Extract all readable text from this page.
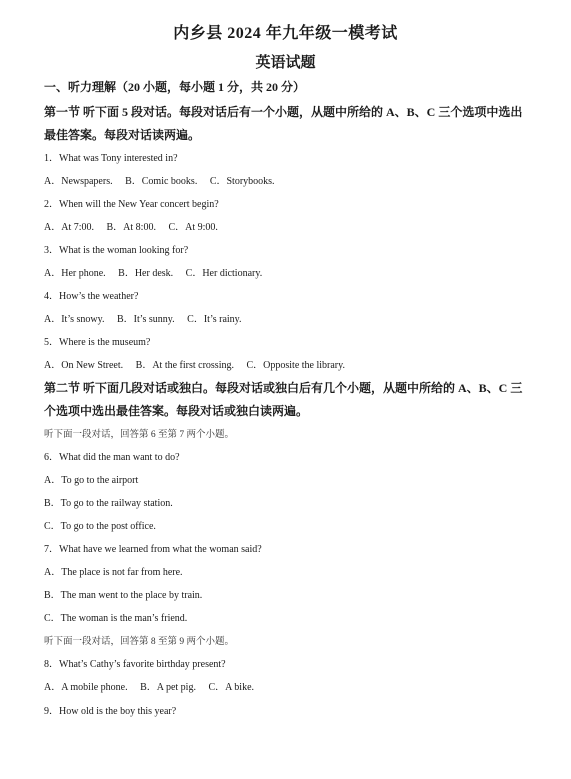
内乡县 2024 年九年级一模考试
英语试题
一、听力理解（20 小题，每小题 1 分，共 20 分）
第一节 听下面 5 段对话。每段对话后有一个小题，从题中所给的 A、B、C 三个选项中选出
最佳答案。每段对话读两遍。
1．What was Tony interested in?
A．Newspapers. B．Comic books. C．Storybooks.
2．When will the New Year concert begin?
A．At 7:00. B．At 8:00. C．At 9:00.
3．What is the woman looking for?
A．Her phone. B．Her desk. C．Her dictionary.
4．How’s the weather?
A．It’s snowy. B．It’s sunny. C．It’s rainy.
5．Where is the museum?
A．On New Street. B．At the first crossing. C．Opposite the library.
第二节 听下面几段对话或独白。每段对话或独白后有几个小题，从题中所给的 A、B、C 三
个选项中选出最佳答案。每段对话或独白读两遍。
听下面一段对话，回答第 6 至第 7 两个小题。
6．What did the man want to do?
A．To go to the airport
B．To go to the railway station.
C．To go to the post office.
7．What have we learned from what the woman said?
A．The place is not far from here.
B．The man went to the place by train.
C．The woman is the man’s friend.
听下面一段对话，回答第 8 至第 9 两个小题。
8．What’s Cathy’s favorite birthday present?
A．A mobile phone. B．A pet pig. C．A bike.
9．How old is the boy this year?
